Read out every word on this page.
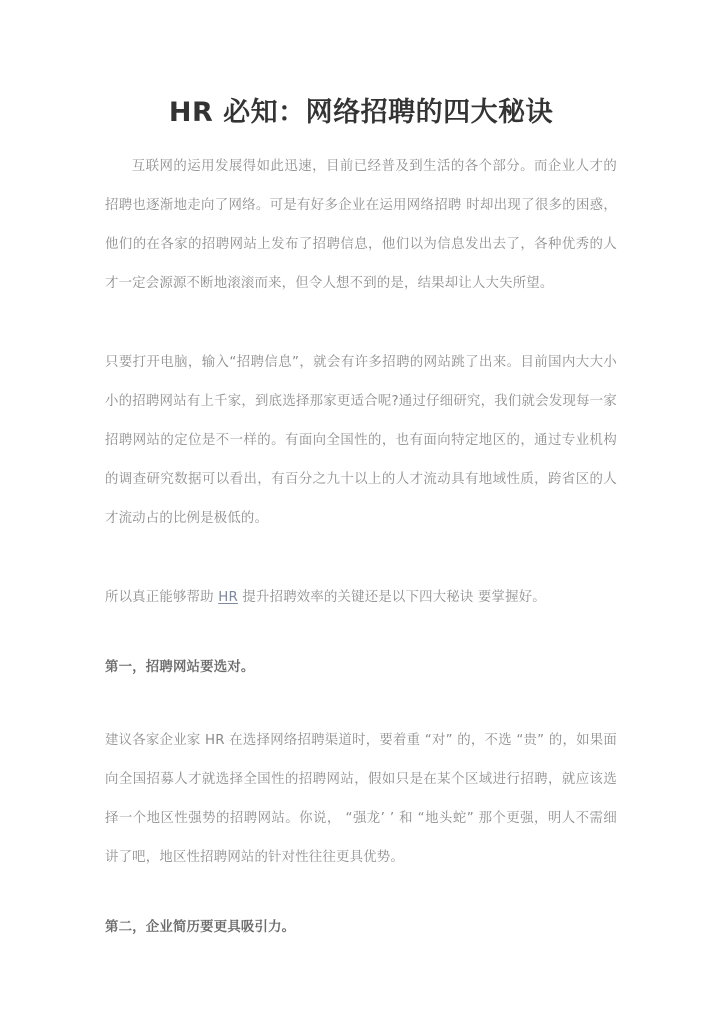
HR 必知：网络招聘的四大秘诀

互联网的运用发展得如此迅速，目前已经普及到生活的各个部分。而企业人才的招聘也逐渐地走向了网络。可是有好多企业在运用网络招聘 时却出现了很多的困惑，他们的在各家的招聘网站上发布了招聘信息，他们以为信息发出去了，各种优秀的人才一定会源源不断地滚滚而来，但令人想不到的是，结果却让人大失所望。

只要打开电脑，输入“招聘信息”，就会有许多招聘的网站跳了出来。目前国内大大小小的招聘网站有上千家，到底选择那家更适合呢?通过仔细研究，我们就会发现每一家招聘网站的定位是不一样的。有面向全国性的，也有面向特定地区的，通过专业机构的调查研究数据可以看出，有百分之九十以上的人才流动具有地域性质，跨省区的人才流动占的比例是极低的。

所以真正能够帮助 HR 提升招聘效率的关键还是以下四大秘诀 要掌握好。

第一，招聘网站要选对。

建议各家企业家 HR 在选择网络招聘渠道时，要着重 “对” 的，不选 “贵” 的，如果面向全国招募人才就选择全国性的招聘网站，假如只是在某个区域进行招聘，就应该选择一个地区性强势的招聘网站。你说， “强龙’ ’ 和 “地头蛇” 那个更强，明人不需细讲了吧，地区性招聘网站的针对性往往更具优势。

第二，企业简历要更具吸引力。
